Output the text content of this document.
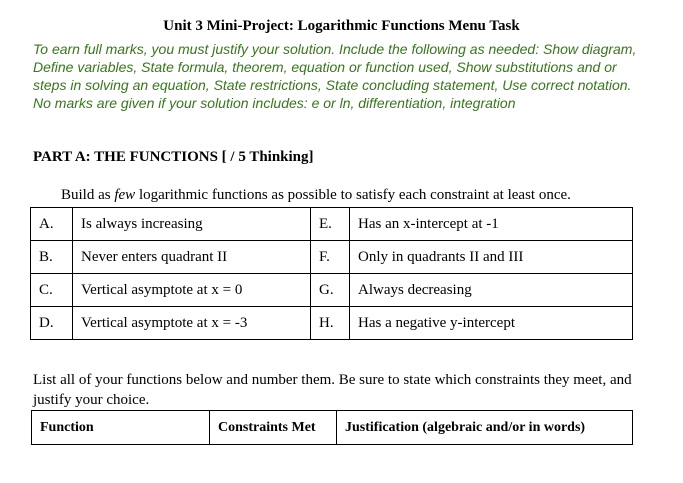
Unit 3 Mini-Project: Logarithmic Functions Menu Task
To earn full marks, you must justify your solution. Include the following as needed: Show diagram, Define variables, State formula, theorem, equation or function used, Show substitutions and or steps in solving an equation, State restrictions, State concluding statement, Use correct notation. No marks are given if your solution includes: e or ln, differentiation, integration
PART A: THE FUNCTIONS [ / 5 Thinking]
Build as few logarithmic functions as possible to satisfy each constraint at least once.
A.	Is always increasing	E.	Has an x-intercept at -1
B.	Never enters quadrant II	F.	Only in quadrants II and III
C.	Vertical asymptote at x = 0	G.	Always decreasing
D.	Vertical asymptote at x = -3	H.	Has a negative y-intercept
List all of your functions below and number them. Be sure to state which constraints they meet, and justify your choice.
Function	Constraints Met	Justification (algebraic and/or in words)
